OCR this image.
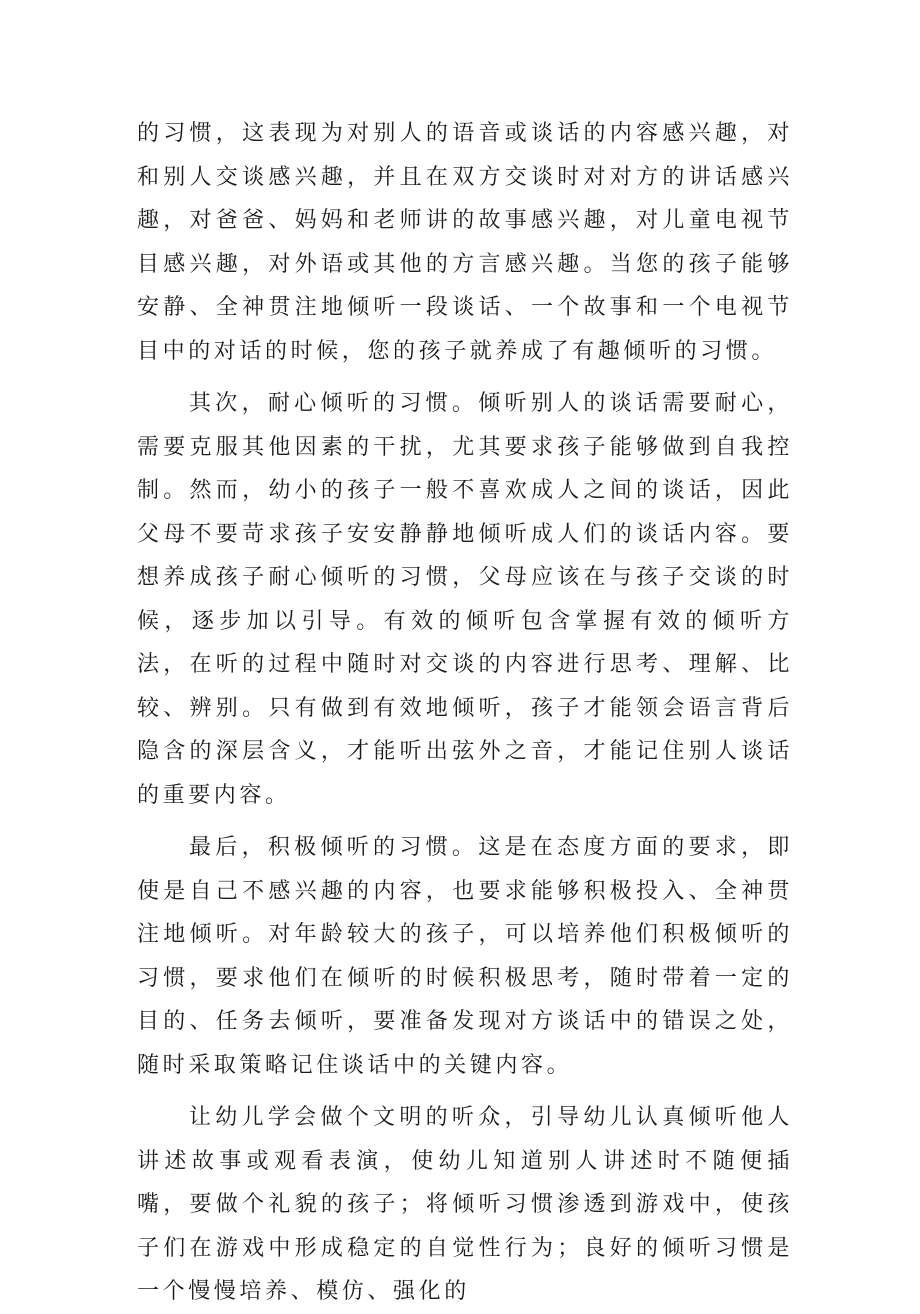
的习惯，这表现为对别人的语音或谈话的内容感兴趣，对和别人交谈感兴趣，并且在双方交谈时对对方的讲话感兴趣，对爸爸、妈妈和老师讲的故事感兴趣，对儿童电视节目感兴趣，对外语或其他的方言感兴趣。当您的孩子能够安静、全神贯注地倾听一段谈话、一个故事和一个电视节目中的对话的时候，您的孩子就养成了有趣倾听的习惯。

其次，耐心倾听的习惯。倾听别人的谈话需要耐心，需要克服其他因素的干扰，尤其要求孩子能够做到自我控制。然而，幼小的孩子一般不喜欢成人之间的谈话，因此父母不要苛求孩子安安静静地倾听成人们的谈话内容。要想养成孩子耐心倾听的习惯，父母应该在与孩子交谈的时候，逐步加以引导。有效的倾听包含掌握有效的倾听方法，在听的过程中随时对交谈的内容进行思考、理解、比较、辨别。只有做到有效地倾听，孩子才能领会语言背后隐含的深层含义，才能听出弦外之音，才能记住别人谈话的重要内容。

最后，积极倾听的习惯。这是在态度方面的要求，即使是自己不感兴趣的内容，也要求能够积极投入、全神贯注地倾听。对年龄较大的孩子，可以培养他们积极倾听的习惯，要求他们在倾听的时候积极思考，随时带着一定的目的、任务去倾听，要准备发现对方谈话中的错误之处，随时采取策略记住谈话中的关键内容。

让幼儿学会做个文明的听众，引导幼儿认真倾听他人讲述故事或观看表演，使幼儿知道别人讲述时不随便插嘴，要做个礼貌的孩子；将倾听习惯渗透到游戏中，使孩子们在游戏中形成稳定的自觉性行为；良好的倾听习惯是一个慢慢培养、模仿、强化的
